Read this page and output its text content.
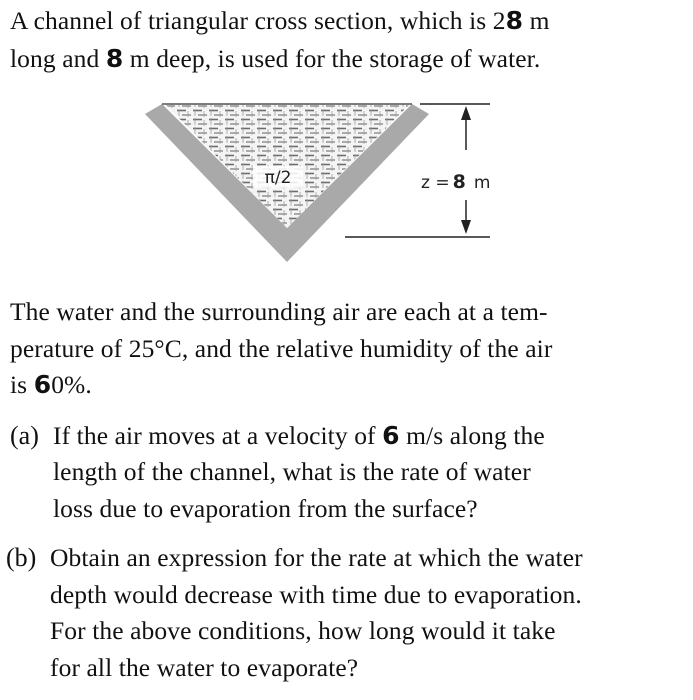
A channel of triangular cross section, which is 28 m
long and 8 m deep, is used for the storage of water.
π/2	z = 8 m
The water and the surrounding air are each at a tem-
perature of 25°C, and the relative humidity of the air
is 60%.
(a) If the air moves at a velocity of 6 m/s along the
length of the channel, what is the rate of water
loss due to evaporation from the surface?
(b) Obtain an expression for the rate at which the water
depth would decrease with time due to evaporation.
For the above conditions, how long would it take
for all the water to evaporate?
